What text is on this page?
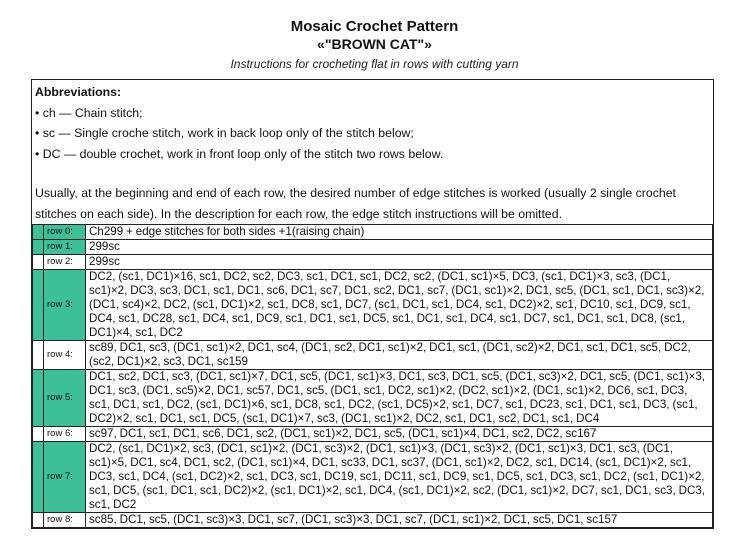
Mosaic Crochet Pattern
«"BROWN CAT"»
Instructions for crocheting flat in rows with cutting yarn
Abbreviations:
• ch — Chain stitch;
• sc — Single croche stitch, work in back loop only of the stitch below;
• DC — double crochet, work in front loop only of the stitch two rows below.
Usually, at the beginning and end of each row, the desired number of edge stitches is worked (usually 2 single crochet stitches on each side). In the description for each row, the edge stitch instructions will be omitted.
	row 0:	Ch299 + edge stitches for both sides +1(raising chain)
	row 1:	299sc
	row 2:	299sc
	row 3:	DC2, (sc1, DC1)×16, sc1, DC2, sc2, DC3, sc1, DC1, sc1, DC2, sc2, (DC1, sc1)×5, DC3, (sc1, DC1)×3, sc3, (DC1, sc1)×2, DC3, sc3, DC1, sc1, DC1, sc6, DC1, sc7, DC1, sc2, DC1, sc7, (DC1, sc1)×2, DC1, sc5, (DC1, sc1, DC1, sc3)×2, (DC1, sc4)×2, DC2, (sc1, DC1)×2, sc1, DC8, sc1, DC7, (sc1, DC1, sc1, DC4, sc1, DC2)×2, sc1, DC10, sc1, DC9, sc1, DC4, sc1, DC28, sc1, DC4, sc1, DC9, sc1, DC1, sc1, DC5, sc1, DC1, sc1, DC4, sc1, DC7, sc1, DC1, sc1, DC8, (sc1, DC1)×4, sc1, DC2
	row 4:	sc89, DC1, sc3, (DC1, sc1)×2, DC1, sc4, (DC1, sc2, DC1, sc1)×2, DC1, sc1, (DC1, sc2)×2, DC1, sc1, DC1, sc5, DC2, (sc2, DC1)×2, sc3, DC1, sc159
	row 5:	DC1, sc2, DC1, sc3, (DC1, sc1)×7, DC1, sc5, (DC1, sc1)×3, DC1, sc3, DC1, sc5, (DC1, sc3)×2, DC1, sc5, (DC1, sc1)×3, DC1, sc3, (DC1, sc5)×2, DC1, sc57, DC1, sc5, (DC1, sc1, DC2, sc1)×2, (DC2, sc1)×2, (DC1, sc1)×2, DC6, sc1, DC3, sc1, DC1, sc1, DC2, (sc1, DC1)×6, sc1, DC8, sc1, DC2, (sc1, DC5)×2, sc1, DC7, sc1, DC23, sc1, DC1, sc1, DC3, (sc1, DC2)×2, sc1, DC1, sc1, DC5, (sc1, DC1)×7, sc3, (DC1, sc1)×2, DC2, sc1, DC1, sc2, DC1, sc1, DC4
	row 6:	sc97, DC1, sc1, DC1, sc6, DC1, sc2, (DC1, sc1)×2, DC1, sc5, (DC1, sc1)×4, DC1, sc2, DC2, sc167
	row 7:	DC2, (sc1, DC1)×2, sc3, (DC1, sc1)×2, (DC1, sc3)×2, (DC1, sc1)×3, (DC1, sc3)×2, (DC1, sc1)×3, DC1, sc3, (DC1, sc1)×5, DC1, sc4, DC1, sc2, (DC1, sc1)×4, DC1, sc33, DC1, sc37, (DC1, sc1)×2, DC2, sc1, DC14, (sc1, DC1)×2, sc1, DC3, sc1, DC4, (sc1, DC2)×2, sc1, DC3, sc1, DC19, sc1, DC11, sc1, DC9, sc1, DC5, sc1, DC3, sc1, DC2, (sc1, DC1)×2, sc1, DC5, (sc1, DC1, sc1, DC2)×2, (sc1, DC1)×2, sc1, DC4, (sc1, DC1)×2, sc2, (DC1, sc1)×2, DC7, sc1, DC1, sc3, DC3, sc1, DC2
	row 8:	sc85, DC1, sc5, (DC1, sc3)×3, DC1, sc7, (DC1, sc3)×3, DC1, sc7, (DC1, sc1)×2, DC1, sc5, DC1, sc157
